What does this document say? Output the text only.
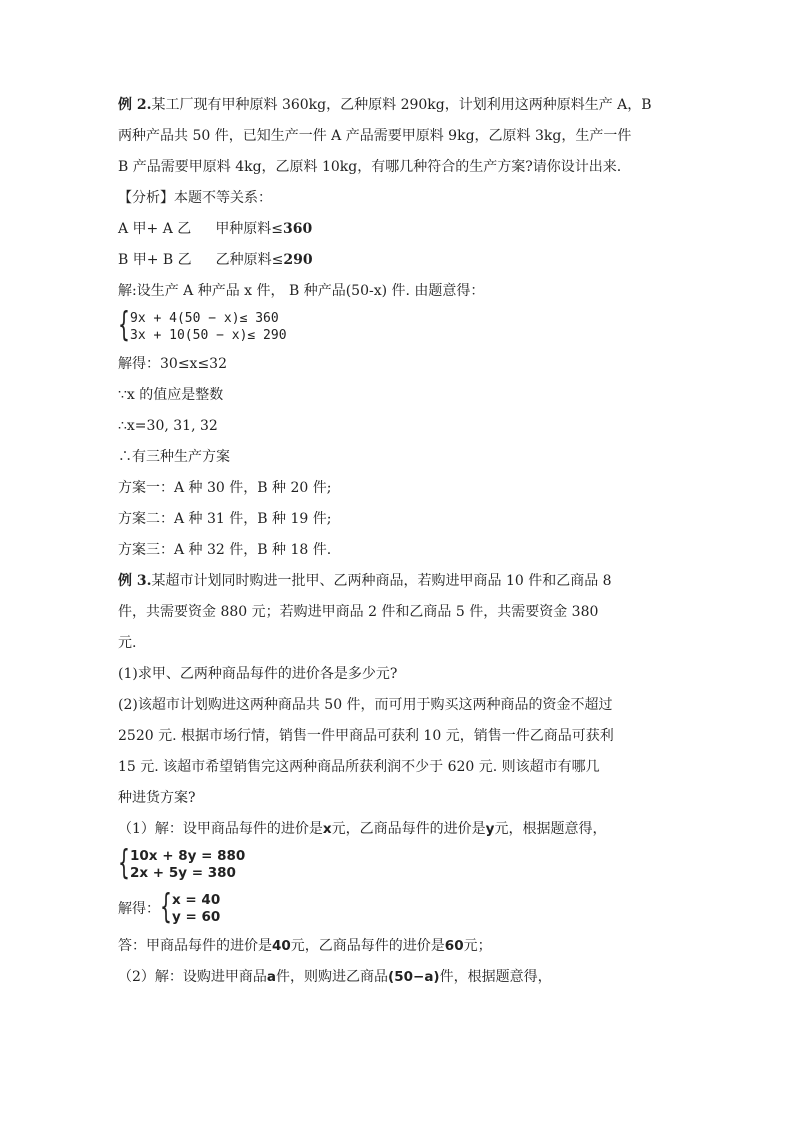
例 2.某工厂现有甲种原料 360kg，乙种原料 290kg，计划利用这两种原料生产 A，B
两种产品共 50 件，已知生产一件 A 产品需要甲原料 9kg，乙原料 3kg，生产一件
B 产品需要甲原料 4kg，乙原料 10kg，有哪几种符合的生产方案?请你设计出来.
【分析】本题不等关系：
A 甲+ A 乙 甲种原料≤360
B 甲+ B 乙 乙种原料≤290
解:设生产 A 种产品 x 件， B 种产品(50-x) 件. 由题意得：
{ 9x + 4(50 − x)≤ 360
3x + 10(50 − x)≤ 290
解得：30≤x≤32
∵x 的值应是整数
∴x=30, 31, 32
∴有三种生产方案
方案一：A 种 30 件，B 种 20 件;
方案二：A 种 31 件，B 种 19 件;
方案三：A 种 32 件，B 种 18 件.
例 3.某超市计划同时购进一批甲、乙两种商品，若购进甲商品 10 件和乙商品 8
件，共需要资金 880 元；若购进甲商品 2 件和乙商品 5 件，共需要资金 380
元.
(1)求甲、乙两种商品每件的进价各是多少元?
(2)该超市计划购进这两种商品共 50 件，而可用于购买这两种商品的资金不超过
2520 元. 根据市场行情，销售一件甲商品可获利 10 元，销售一件乙商品可获利
15 元. 该超市希望销售完这两种商品所获利润不少于 620 元. 则该超市有哪几
种进货方案?
（1）解：设甲商品每件的进价是x元，乙商品每件的进价是y元，根据题意得，
{ 10x + 8y = 880
2x + 5y = 380
解得： { x = 40
y = 60
答：甲商品每件的进价是40元，乙商品每件的进价是60元；
（2）解：设购进甲商品a件，则购进乙商品(50−a)件，根据题意得，
